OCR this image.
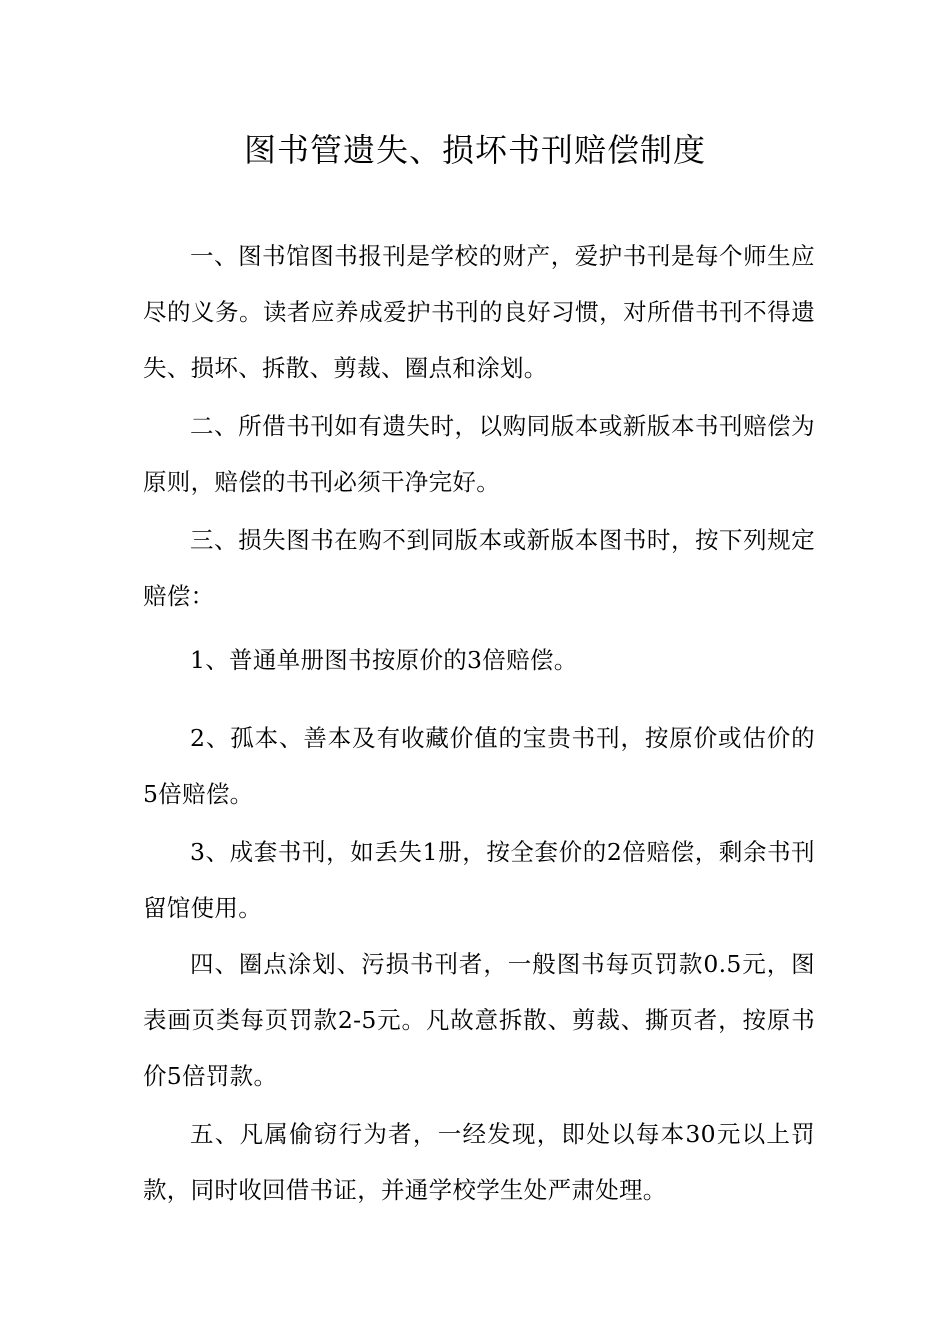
图书管遗失、损坏书刊赔偿制度

一、图书馆图书报刊是学校的财产，爱护书刊是每个师生应尽的义务。读者应养成爱护书刊的良好习惯，对所借书刊不得遗失、损坏、拆散、剪裁、圈点和涂划。

二、所借书刊如有遗失时，以购同版本或新版本书刊赔偿为原则，赔偿的书刊必须干净完好。

三、损失图书在购不到同版本或新版本图书时，按下列规定赔偿：

1、普通单册图书按原价的3倍赔偿。

2、孤本、善本及有收藏价值的宝贵书刊，按原价或估价的5倍赔偿。

3、成套书刊，如丢失1册，按全套价的2倍赔偿，剩余书刊留馆使用。

四、圈点涂划、污损书刊者，一般图书每页罚款0.5元，图表画页类每页罚款2-5元。凡故意拆散、剪裁、撕页者，按原书价5倍罚款。

五、凡属偷窃行为者，一经发现，即处以每本30元以上罚款，同时收回借书证，并通学校学生处严肃处理。
